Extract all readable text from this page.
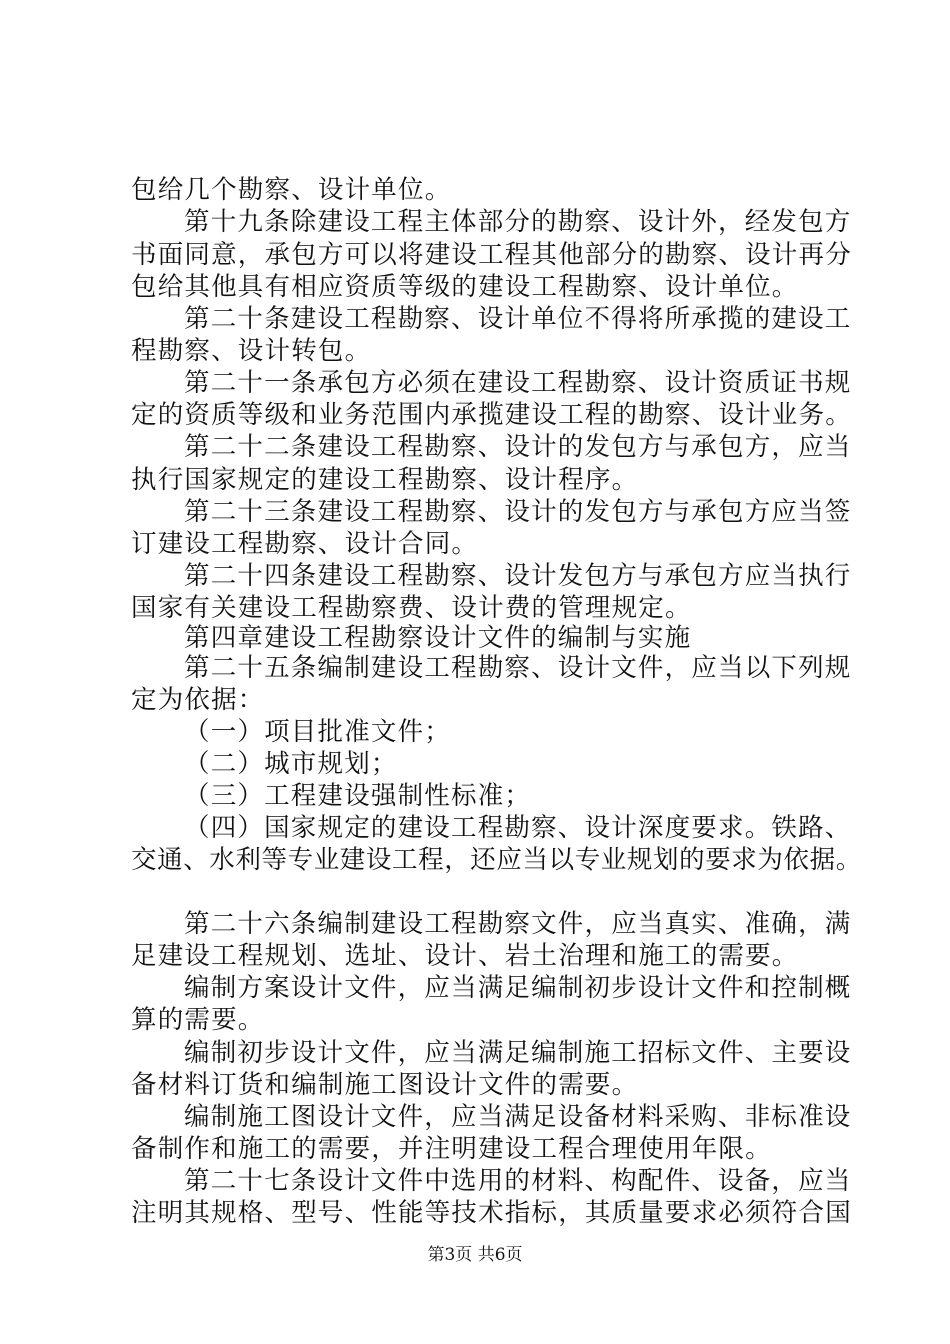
包给几个勘察、设计单位。
第十九条除建设工程主体部分的勘察、设计外，经发包方
书面同意，承包方可以将建设工程其他部分的勘察、设计再分
包给其他具有相应资质等级的建设工程勘察、设计单位。
第二十条建设工程勘察、设计单位不得将所承揽的建设工
程勘察、设计转包。
第二十一条承包方必须在建设工程勘察、设计资质证书规
定的资质等级和业务范围内承揽建设工程的勘察、设计业务。
第二十二条建设工程勘察、设计的发包方与承包方，应当
执行国家规定的建设工程勘察、设计程序。
第二十三条建设工程勘察、设计的发包方与承包方应当签
订建设工程勘察、设计合同。
第二十四条建设工程勘察、设计发包方与承包方应当执行
国家有关建设工程勘察费、设计费的管理规定。
第四章建设工程勘察设计文件的编制与实施
第二十五条编制建设工程勘察、设计文件，应当以下列规
定为依据：
（一）项目批准文件；
（二）城市规划；
（三）工程建设强制性标准；
（四）国家规定的建设工程勘察、设计深度要求。铁路、
交通、水利等专业建设工程，还应当以专业规划的要求为依据。
第二十六条编制建设工程勘察文件，应当真实、准确，满
足建设工程规划、选址、设计、岩土治理和施工的需要。
编制方案设计文件，应当满足编制初步设计文件和控制概
算的需要。
编制初步设计文件，应当满足编制施工招标文件、主要设
备材料订货和编制施工图设计文件的需要。
编制施工图设计文件，应当满足设备材料采购、非标准设
备制作和施工的需要，并注明建设工程合理使用年限。
第二十七条设计文件中选用的材料、构配件、设备，应当
注明其规格、型号、性能等技术指标，其质量要求必须符合国
第3页 共6页
